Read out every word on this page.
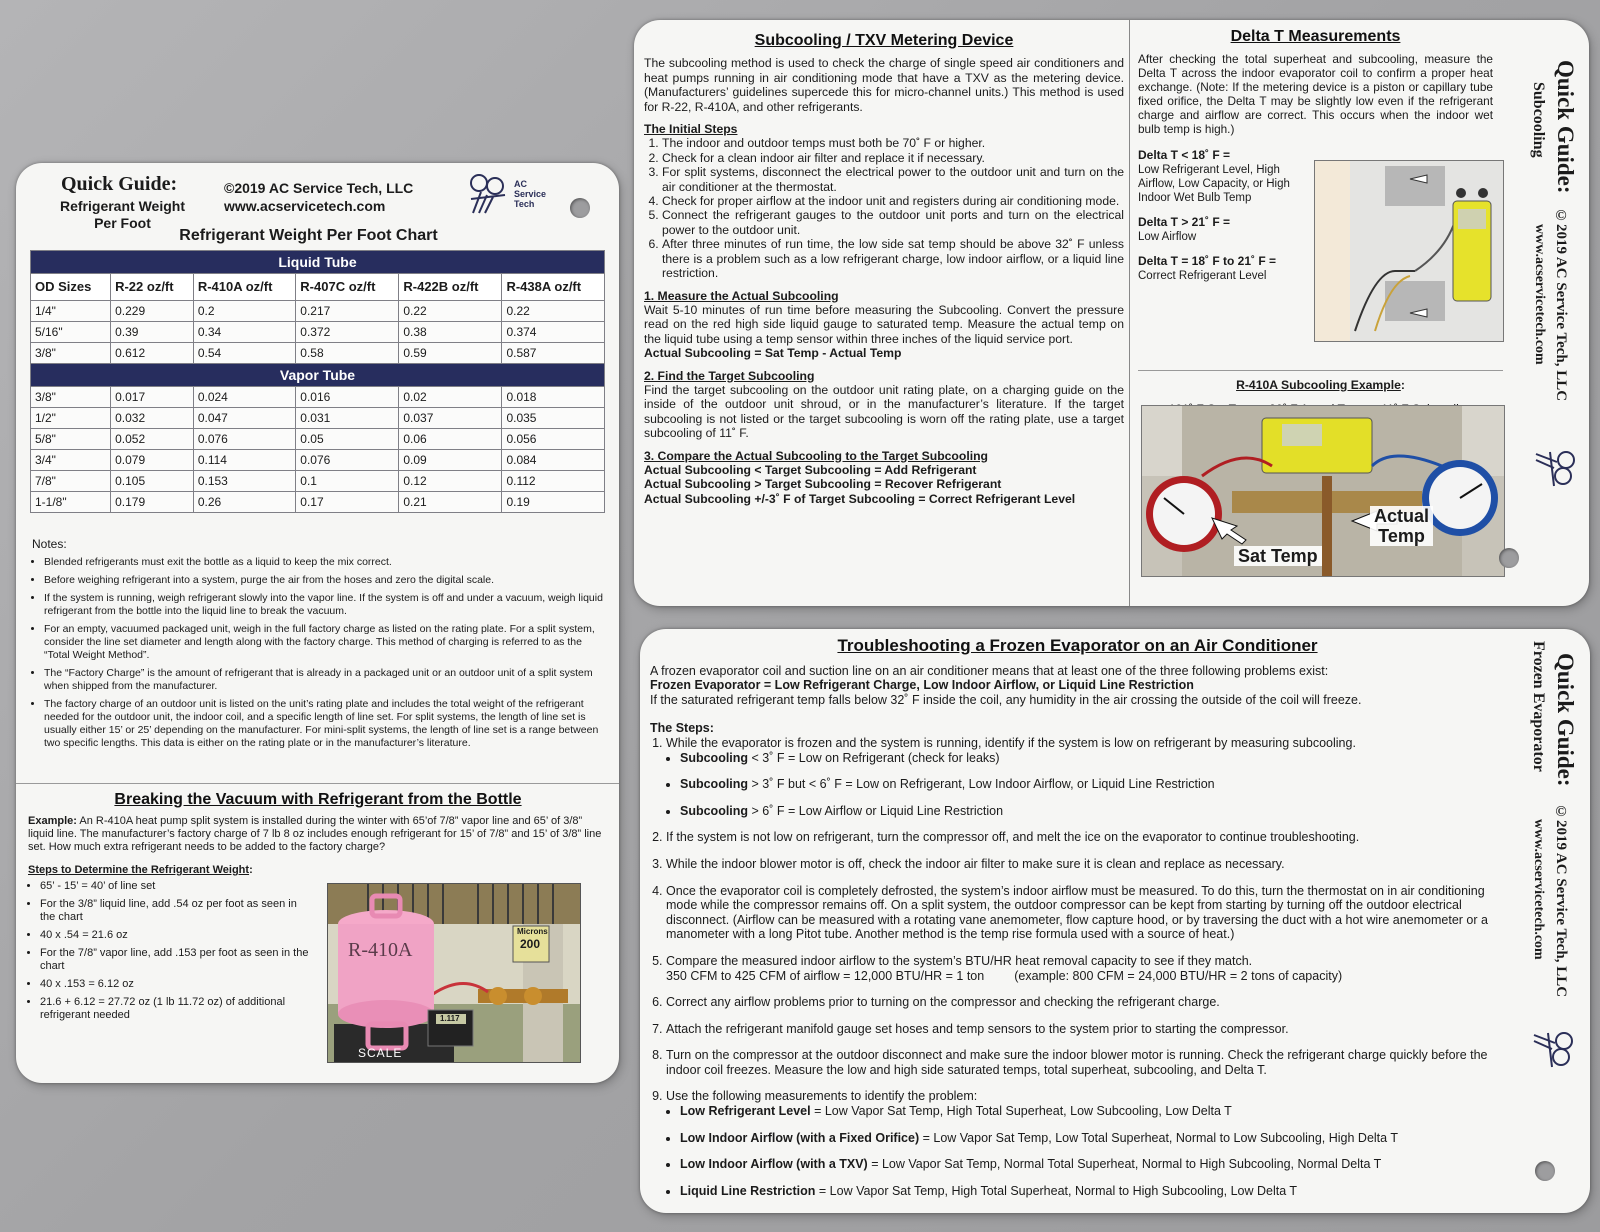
Quick Guide:	©2019 AC Service Tech, LLC
Refrigerant Weight
Per Foot
www.acservicetech.com
AC
Service
Tech
Refrigerant Weight Per Foot Chart
Liquid Tube					
OD Sizes	R-22 oz/ft	R-410A oz/ft	R-407C oz/ft	R-422B oz/ft	R-438A oz/ft
1/4"	0.229	0.2	0.217	0.22	0.22
5/16"	0.39	0.34	0.372	0.38	0.374
3/8"	0.612	0.54	0.58	0.59	0.587
Vapor Tube					
3/8"	0.017	0.024	0.016	0.02	0.018
1/2"	0.032	0.047	0.031	0.037	0.035
5/8"	0.052	0.076	0.05	0.06	0.056
3/4"	0.079	0.114	0.076	0.09	0.084
7/8"	0.105	0.153	0.1	0.12	0.112
1-1/8"	0.179	0.26	0.17	0.21	0.19
Notes:
• Blended refrigerants must exit the bottle as a liquid to keep the mix correct.
• Before weighing refrigerant into a system, purge the air from the hoses and zero the digital scale.
• If the system is running, weigh refrigerant slowly into the vapor line. If the system is off and under a vacuum, weigh liquid refrigerant from the bottle into the liquid line to break the vacuum.
• For an empty, vacuumed packaged unit, weigh in the full factory charge as listed on the rating plate. For a split system, consider the line set diameter and length along with the factory charge. This method of charging is referred to as the “Total Weight Method”.
• The “Factory Charge” is the amount of refrigerant that is already in a packaged unit or an outdoor unit of a split system when shipped from the manufacturer.
• The factory charge of an outdoor unit is listed on the unit’s rating plate and includes the total weight of the refrigerant needed for the outdoor unit, the indoor coil, and a specific length of line set. For split systems, the length of line set is usually either 15’ or 25’ depending on the manufacturer. For mini-split systems, the length of line set is a range between two specific lengths. This data is either on the rating plate or in the manufacturer’s literature.
Breaking the Vacuum with Refrigerant from the Bottle

Example: An R-410A heat pump split system is installed during the winter with 65’of 7/8” vapor line and 65’ of 3/8” liquid line. The manufacturer’s factory charge of 7 lb 8 oz includes enough refrigerant for 15’ of 7/8” and 15’ of 3/8” line set. How much extra refrigerant needs to be added to the factory charge?

Steps to Determine the Refrigerant Weight:
• 65’ - 15’ = 40’ of line set
• For the 3/8” liquid line, add .54 oz per foot as seen in the chart
• 40 x .54 = 21.6 oz
• For the 7/8” vapor line, add .153 per foot as seen in the chart
• 40 x .153 = 6.12 oz
• 21.6 + 6.12 = 27.72 oz (1 lb 11.72 oz) of additional refrigerant needed
R-410A
Microns
200
SCALE
1.117
Subcooling / TXV Metering Device

The subcooling method is used to check the charge of single speed air conditioners and heat pumps running in air conditioning mode that have a TXV as the metering device. (Manufacturers’ guidelines supercede this for micro-channel units.) This method is used for R-22, R-410A, and other refrigerants.

The Initial Steps
1. The indoor and outdoor temps must both be 70˚ F or higher.
2. Check for a clean indoor air filter and replace it if necessary.
3. For split systems, disconnect the electrical power to the outdoor unit and turn on the air conditioner at the thermostat.
4. Check for proper airflow at the indoor unit and registers during air conditioning mode.
5. Connect the refrigerant gauges to the outdoor unit ports and turn on the electrical power to the outdoor unit.
6. After three minutes of run time, the low side sat temp should be above 32˚ F unless there is a problem such as a low refrigerant charge, low indoor airflow, or a liquid line restriction.
1. Measure the Actual Subcooling

Wait 5-10 minutes of run time before measuring the Subcooling. Convert the pressure read on the red high side liquid gauge to saturated temp. Measure the actual temp on the liquid tube using a temp sensor within three inches of the liquid service port.

Actual Subcooling = Sat Temp - Actual Temp

2. Find the Target Subcooling

Find the target subcooling on the outdoor unit rating plate, on a charging guide on the inside of the outdoor unit shroud, or in the manufacturer’s literature. If the target subcooling is not listed or the target subcooling is worn off the rating plate, use a target subcooling of 11˚ F.

3. Compare the Actual Subcooling to the Target Subcooling
Actual Subcooling < Target Subcooling = Add Refrigerant
Actual Subcooling > Target Subcooling = Recover Refrigerant
Actual Subcooling +/-3˚ F of Target Subcooling = Correct Refrigerant Level
Delta T Measurements

After checking the total superheat and subcooling, measure the Delta T across the indoor evaporator coil to confirm a proper heat exchange. (Note: If the metering device is a piston or capillary tube fixed orifice, the Delta T may be slightly low even if the refrigerant charge and airflow are correct. This occurs when the indoor wet bulb temp is high.)

Delta T < 18˚ F =
Low Refrigerant Level, High Airflow, Low Capacity, or High Indoor Wet Bulb Temp
Delta T > 21˚ F =
Low Airflow
Delta T = 18˚ F to 21˚ F =
Correct Refrigerant Level
R-410A Subcooling Example:
Sat Temp
Actual
Temp
Quick Guide:
Subcooling
©2019 AC Service Tech, LLC
www.acservicetech.com
Troubleshooting a Frozen Evaporator on an Air Conditioner

A frozen evaporator coil and suction line on an air conditioner means that at least one of the three following problems exist:

Frozen Evaporator = Low Refrigerant Charge, Low Indoor Airflow, or Liquid Line Restriction

If the saturated refrigerant temp falls below 32˚ F inside the coil, any humidity in the air crossing the outside of the coil will freeze.

The Steps:
1. While the evaporator is frozen and the system is running, identify if the system is low on refrigerant by measuring subcooling.
• Subcooling < 3˚ F = Low on Refrigerant (check for leaks)
• Subcooling > 3˚ F but < 6˚ F = Low on Refrigerant, Low Indoor Airflow, or Liquid Line Restriction
• Subcooling > 6˚ F = Low Airflow or Liquid Line Restriction
2. If the system is not low on refrigerant, turn the compressor off, and melt the ice on the evaporator to continue troubleshooting.
3. While the indoor blower motor is off, check the indoor air filter to make sure it is clean and replace as necessary.
4. Once the evaporator coil is completely defrosted, the system’s indoor airflow must be measured. To do this, turn the thermostat on in air conditioning mode while the compressor remains off. On a split system, the outdoor compressor can be kept from starting by turning off the outdoor electrical disconnect. (Airflow can be measured with a rotating vane anemometer, flow capture hood, or by traversing the duct with a hot wire anemometer or a manometer with a long Pitot tube. Another method is the temp rise formula used with a source of heat.)
5. Compare the measured indoor airflow to the system’s BTU/HR heat removal capacity to see if they match.
350 CFM to 425 CFM of airflow = 12,000 BTU/HR = 1 ton (example: 800 CFM = 24,000 BTU/HR = 2 tons of capacity)
6. Correct any airflow problems prior to turning on the compressor and checking the refrigerant charge.
7. Attach the refrigerant manifold gauge set hoses and temp sensors to the system prior to starting the compressor.
8. Turn on the compressor at the outdoor disconnect and make sure the indoor blower motor is running. Check the refrigerant charge quickly before the indoor coil freezes. Measure the low and high side saturated temps, total superheat, subcooling, and Delta T.
9. Use the following measurements to identify the problem:
• Low Refrigerant Level = Low Vapor Sat Temp, High Total Superheat, Low Subcooling, Low Delta T
• Low Indoor Airflow (with a Fixed Orifice) = Low Vapor Sat Temp, Low Total Superheat, Normal to Low Subcooling, High Delta T
• Low Indoor Airflow (with a TXV) = Low Vapor Sat Temp, Normal Total Superheat, Normal to High Subcooling, Normal Delta T
• Liquid Line Restriction = Low Vapor Sat Temp, High Total Superheat, Normal to High Subcooling, Low Delta T
Quick Guide:
Frozen Evaporator
©2019 AC Service Tech, LLC
www.acservicetech.com
